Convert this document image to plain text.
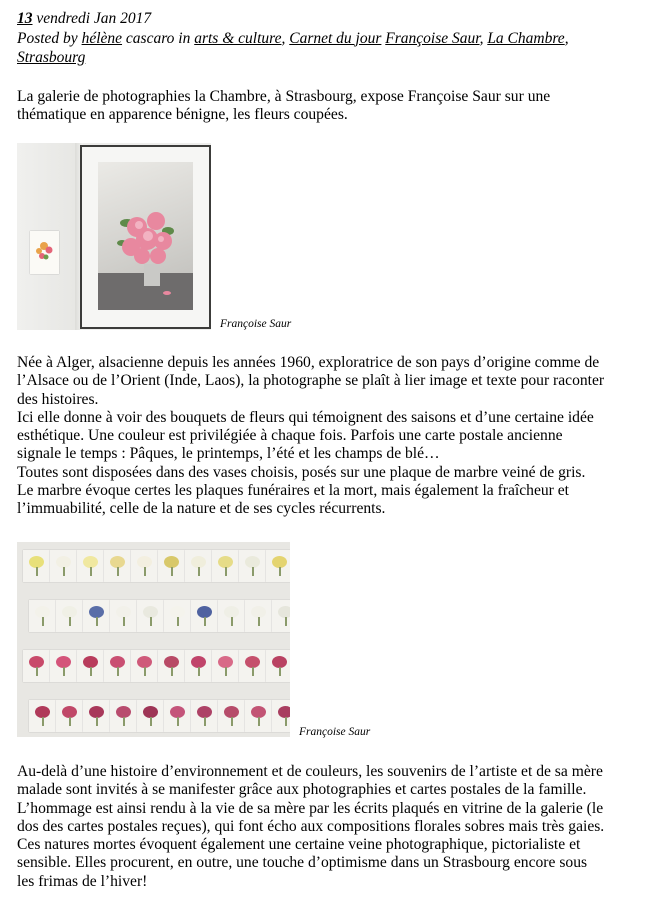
13 vendredi Jan 2017
Posted by hélène cascaro in arts & culture, Carnet du jour Françoise Saur, La Chambre,
Strasbourg
La galerie de photographies la Chambre, à Strasbourg, expose Françoise Saur sur une
thématique en apparence bénigne, les fleurs coupées.
Françoise Saur
Née à Alger, alsacienne depuis les années 1960, exploratrice de son pays d’origine comme de
l’Alsace ou de l’Orient (Inde, Laos), la photographe se plaît à lier image et texte pour raconter
des histoires.
Ici elle donne à voir des bouquets de fleurs qui témoignent des saisons et d’une certaine idée
esthétique. Une couleur est privilégiée à chaque fois. Parfois une carte postale ancienne
signale le temps : Pâques, le printemps, l’été et les champs de blé…
Toutes sont disposées dans des vases choisis, posés sur une plaque de marbre veiné de gris.
Le marbre évoque certes les plaques funéraires et la mort, mais également la fraîcheur et
l’immuabilité, celle de la nature et de ses cycles récurrents.
Françoise Saur
Au-delà d’une histoire d’environnement et de couleurs, les souvenirs de l’artiste et de sa mère
malade sont invités à se manifester grâce aux photographies et cartes postales de la famille.
L’hommage est ainsi rendu à la vie de sa mère par les écrits plaqués en vitrine de la galerie (le
dos des cartes postales reçues), qui font écho aux compositions florales sobres mais très gaies.
Ces natures mortes évoquent également une certaine veine photographique, pictorialiste et
sensible. Elles procurent, en outre, une touche d’optimisme dans un Strasbourg encore sous
les frimas de l’hiver!
